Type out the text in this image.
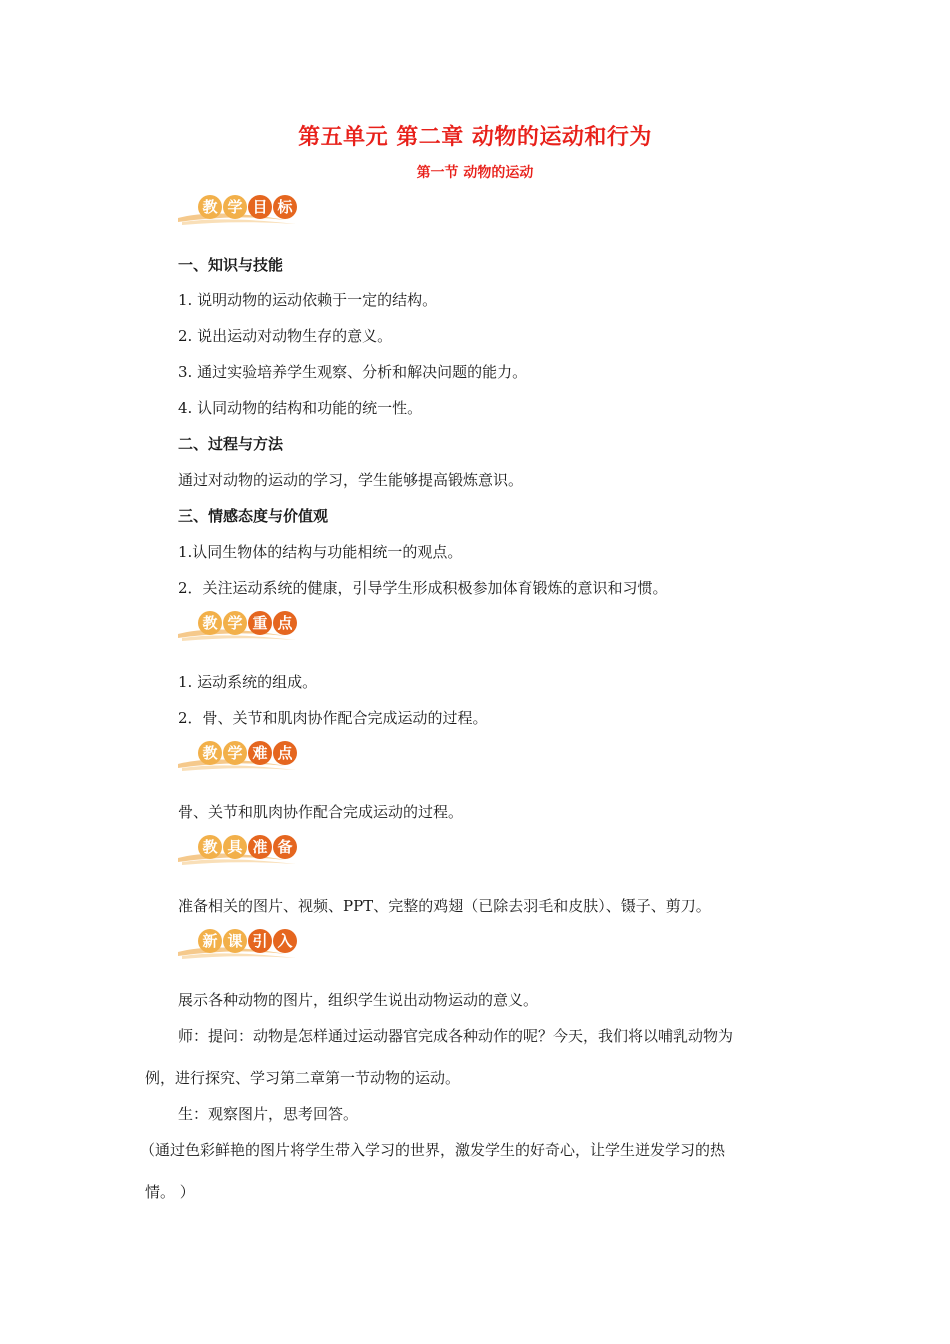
第五单元 第二章 动物的运动和行为
第一节 动物的运动
教 学 目 标
一、知识与技能
1. 说明动物的运动依赖于一定的结构。
2. 说出运动对动物生存的意义。
3. 通过实验培养学生观察、分析和解决问题的能力。
4. 认同动物的结构和功能的统一性。
二、过程与方法
通过对动物的运动的学习，学生能够提高锻炼意识。
三、情感态度与价值观
1.认同生物体的结构与功能相统一的观点。
2．关注运动系统的健康，引导学生形成积极参加体育锻炼的意识和习惯。
教 学 重 点
1. 运动系统的组成。
2．骨、关节和肌肉协作配合完成运动的过程。
教 学 难 点
骨、关节和肌肉协作配合完成运动的过程。
教 具 准 备
准备相关的图片、视频、PPT、完整的鸡翅（已除去羽毛和皮肤）、镊子、剪刀。
新 课 引 入
展示各种动物的图片，组织学生说出动物运动的意义。
师：提问：动物是怎样通过运动器官完成各种动作的呢？今天，我们将以哺乳动物为
例，进行探究、学习第二章第一节动物的运动。
生：观察图片，思考回答。
（通过色彩鲜艳的图片将学生带入学习的世界，激发学生的好奇心，让学生迸发学习的热
情。 ）
